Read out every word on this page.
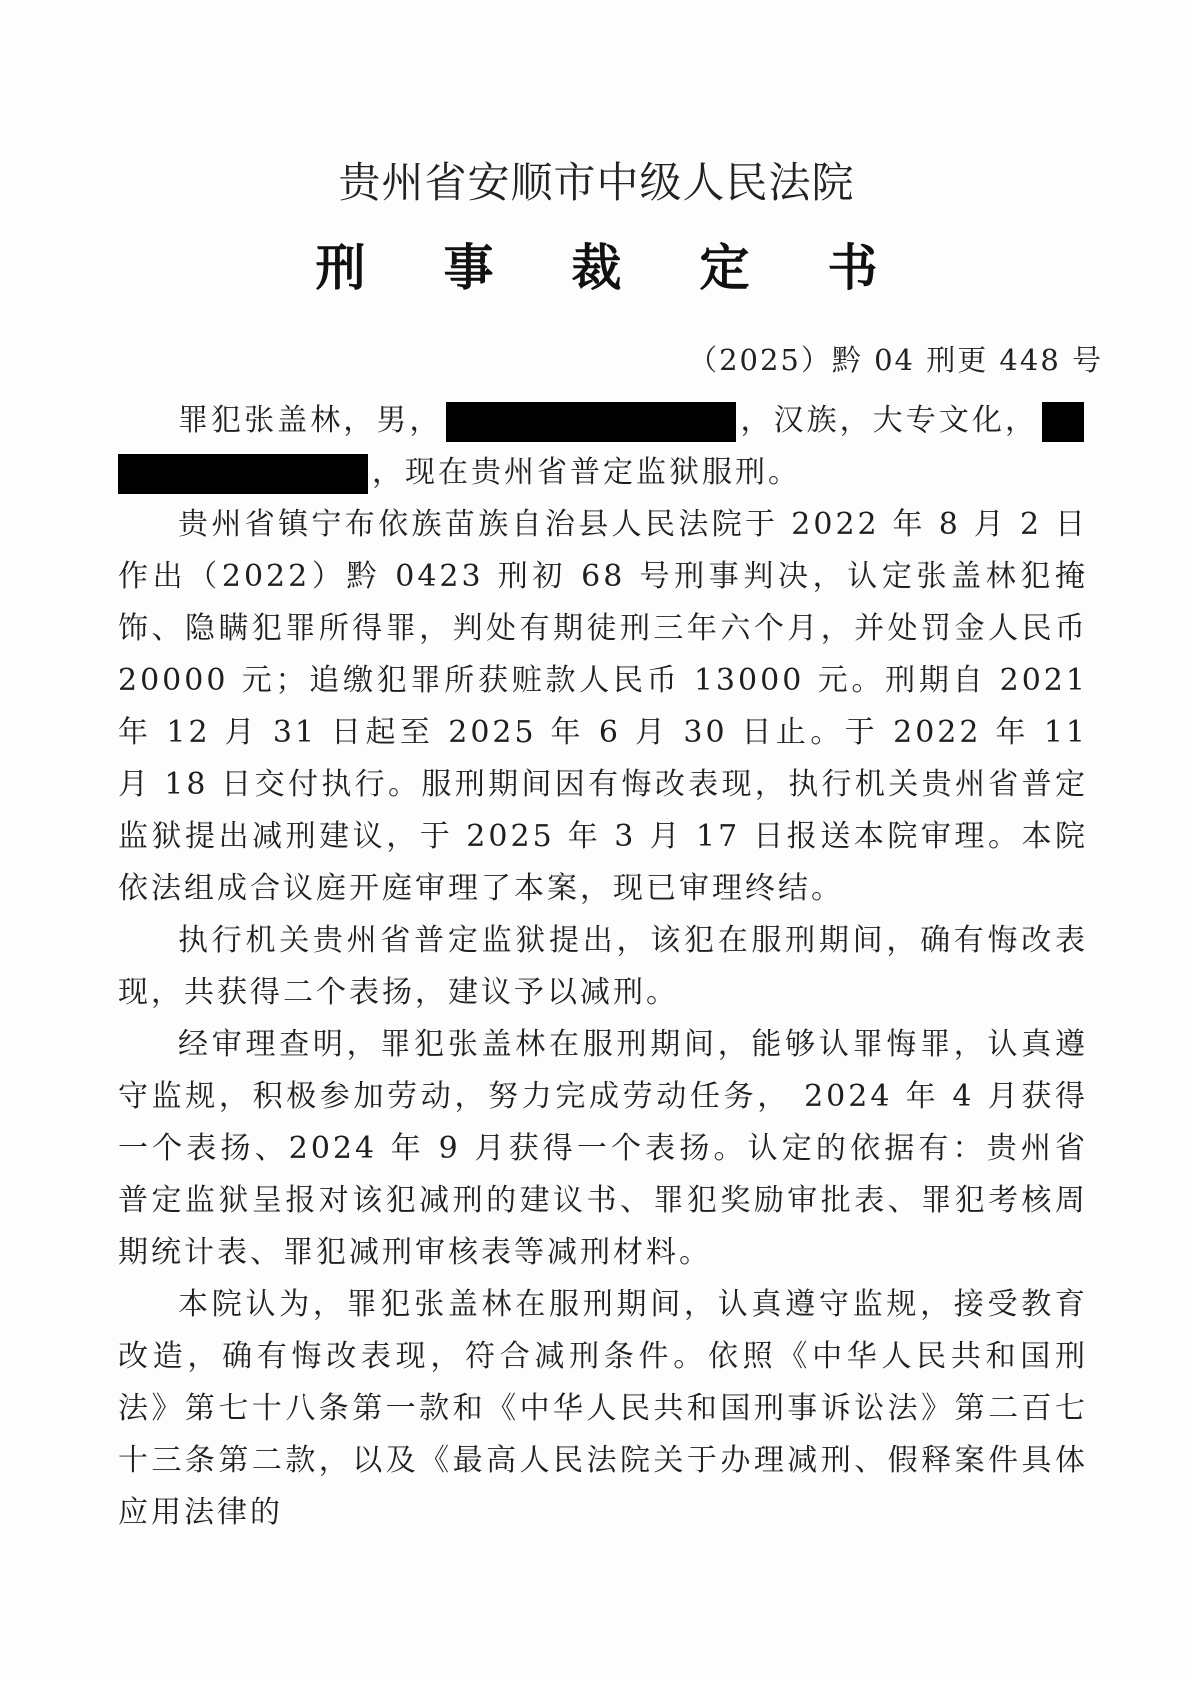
贵州省安顺市中级人民法院
刑事裁定书
（2025）黔 04 刑更 448 号

罪犯张盖林，男，	，汉族，大专文化，，现在贵州省普定监狱服刑。

贵州省镇宁布依族苗族自治县人民法院于 2022 年 8 月 2 日作出（2022）黔 0423 刑初 68 号刑事判决，认定张盖林犯掩饰、隐瞒犯罪所得罪，判处有期徒刑三年六个月，并处罚金人民币 20000 元；追缴犯罪所获赃款人民币 13000 元。刑期自 2021 年 12 月 31 日起至 2025 年 6 月 30 日止。于 2022 年 11 月 18 日交付执行。服刑期间因有悔改表现，执行机关贵州省普定监狱提出减刑建议，于 2025 年 3 月 17 日报送本院审理。本院依法组成合议庭开庭审理了本案，现已审理终结。

执行机关贵州省普定监狱提出，该犯在服刑期间，确有悔改表现，共获得二个表扬，建议予以减刑。

经审理查明，罪犯张盖林在服刑期间，能够认罪悔罪，认真遵守监规，积极参加劳动，努力完成劳动任务， 2024 年 4 月获得一个表扬、2024 年 9 月获得一个表扬。认定的依据有：贵州省普定监狱呈报对该犯减刑的建议书、罪犯奖励审批表、罪犯考核周期统计表、罪犯减刑审核表等减刑材料。

本院认为，罪犯张盖林在服刑期间，认真遵守监规，接受教育改造，确有悔改表现，符合减刑条件。依照《中华人民共和国刑法》第七十八条第一款和《中华人民共和国刑事诉讼法》第二百七十三条第二款，以及《最高人民法院关于办理减刑、假释案件具体应用法律的
